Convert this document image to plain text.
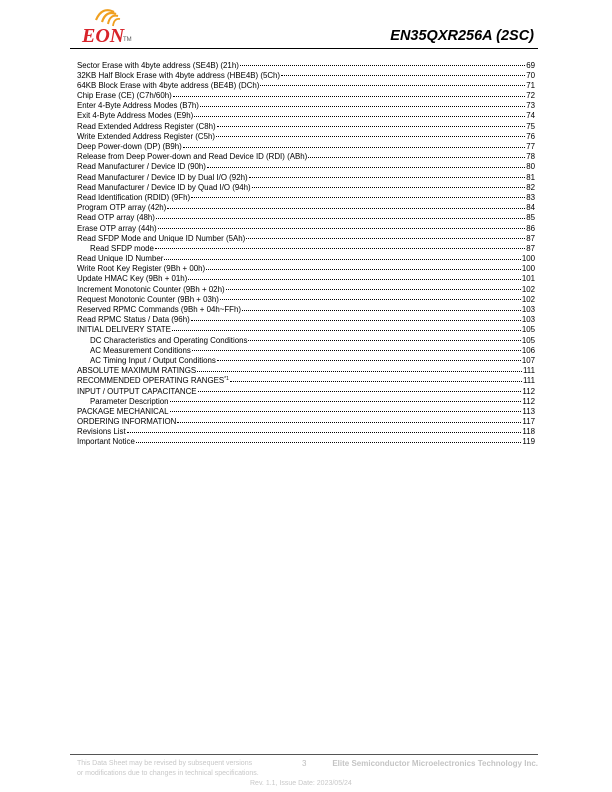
EON
TM	EN35QXR256A (2SC)
Sector Erase with 4byte address (SE4B) (21h)	69
32KB Half Block Erase with 4byte address (HBE4B) (5Ch)	70
64KB Block Erase with 4byte address (BE4B) (DCh)	71
Chip Erase (CE) (C7h/60h)	72
Enter 4-Byte Address Modes (B7h)	73
Exit 4-Byte Address Modes (E9h)	74
Read Extended Address Register (C8h)	75
Write Extended Address Register (C5h)	76
Deep Power-down (DP) (B9h)	77
Release from Deep Power-down and Read Device ID (RDI) (ABh)	78
Read Manufacturer / Device ID (90h)	80
Read Manufacturer / Device ID by Dual I/O (92h)	81
Read Manufacturer / Device ID by Quad I/O (94h)	82
Read Identification (RDID) (9Fh)	83
Program OTP array (42h)	84
Read OTP array (48h)	85
Erase OTP array (44h)	86
Read SFDP Mode and Unique ID Number (5Ah)	87
Read SFDP mode	87
Read Unique ID Number	100
Write Root Key Register (9Bh + 00h)	100
Update HMAC Key (9Bh + 01h)	101
Increment Monotonic Counter (9Bh + 02h)	102
Request Monotonic Counter (9Bh + 03h)	102
Reserved RPMC Commands (9Bh + 04h~FFh)	103
Read RPMC Status / Data (96h)	103
INITIAL DELIVERY STATE	105
DC Characteristics and Operating Conditions	105
AC Measurement Conditions	106
AC Timing Input / Output Conditions	107
ABSOLUTE MAXIMUM RATINGS	111
RECOMMENDED OPERATING RANGES$^{*1}$	111
INPUT / OUTPUT CAPACITANCE	112
Parameter Description	112
PACKAGE MECHANICAL	113
ORDERING INFORMATION	117
Revisions List	118
Important Notice	119
This Data Sheet may be revised by subsequent versions
or modifications due to changes in technical specifications.
3	Elite Semiconductor Microelectronics Technology Inc.
Rev. 1.1, Issue Date: 2023/05/24
